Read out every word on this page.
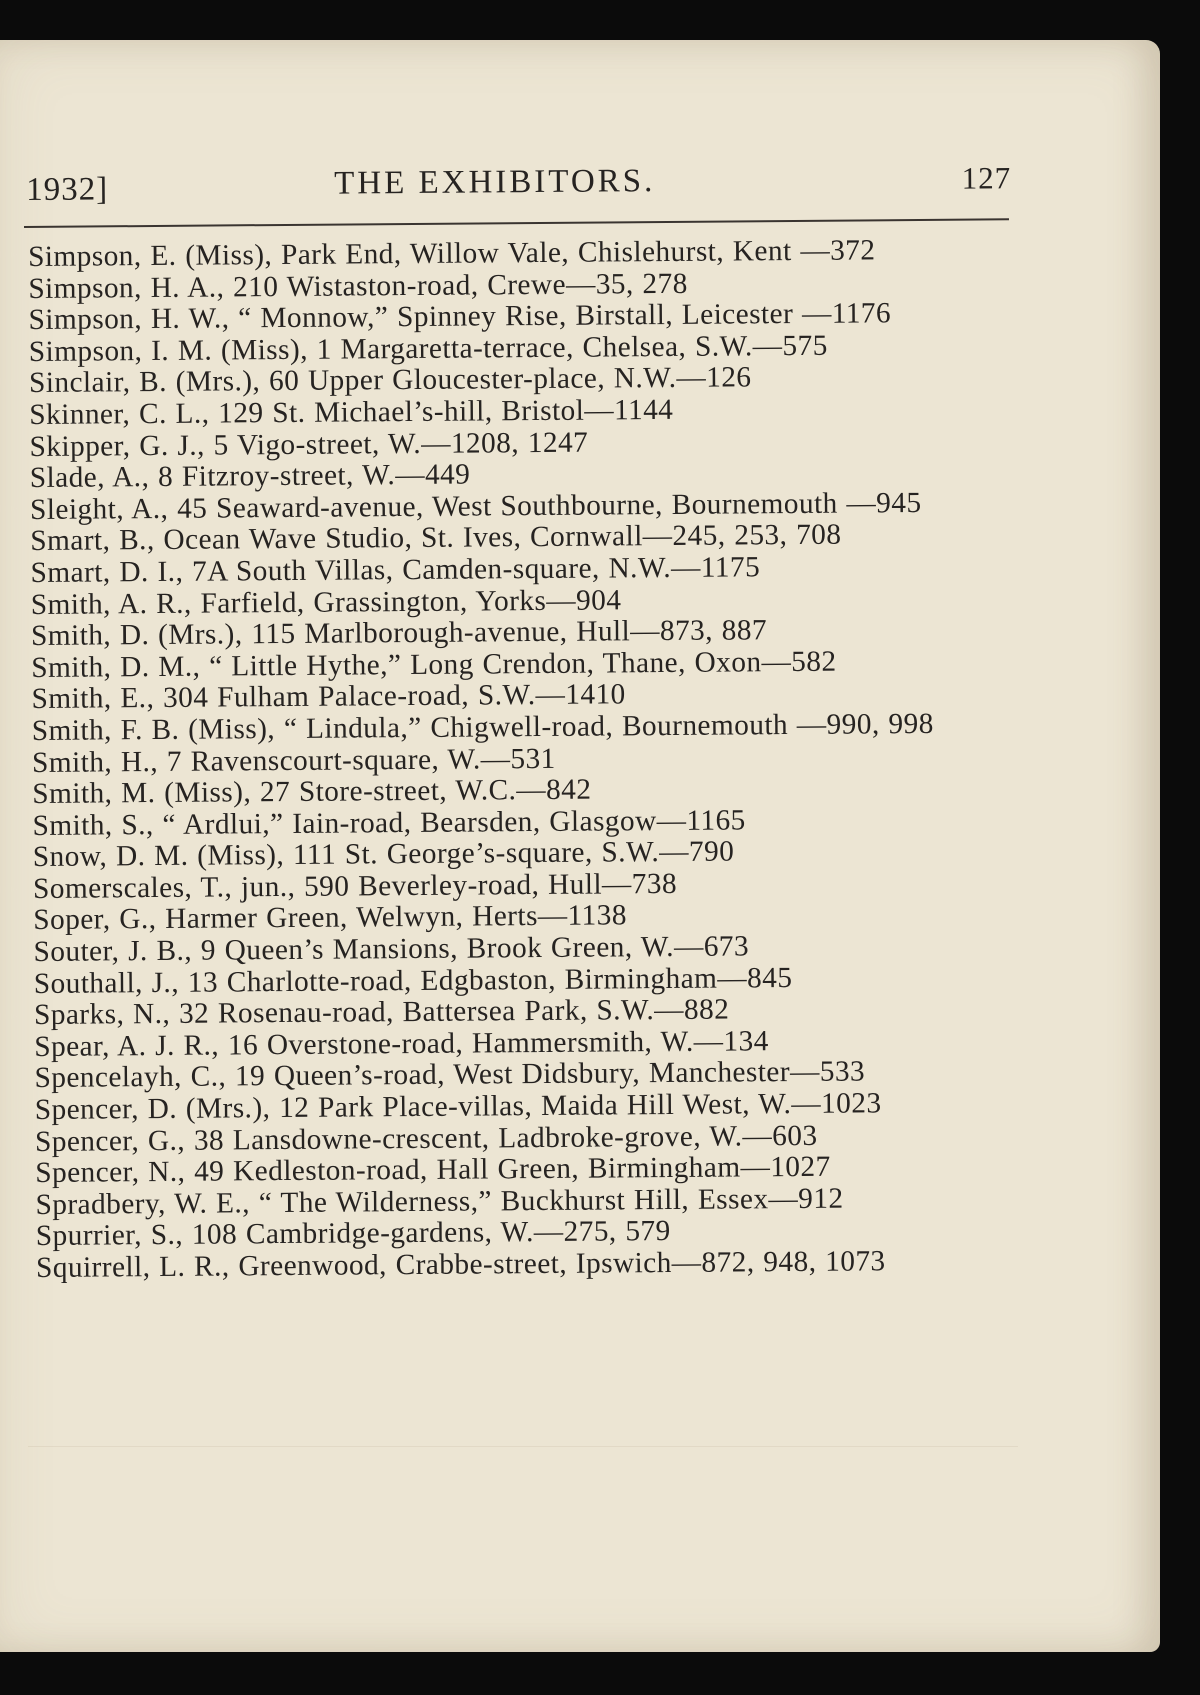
1932]	THE EXHIBITORS.	127
Simpson, E. (Miss), Park End, Willow Vale, Chislehurst, Kent —372
Simpson, H. A., 210 Wistaston-road, Crewe—35, 278
Simpson, H. W., “ Monnow,” Spinney Rise, Birstall, Leicester —1176
Simpson, I. M. (Miss), 1 Margaretta-terrace, Chelsea, S.W.—575
Sinclair, B. (Mrs.), 60 Upper Gloucester-place, N.W.—126
Skinner, C. L., 129 St. Michael’s-hill, Bristol—1144
Skipper, G. J., 5 Vigo-street, W.—1208, 1247
Slade, A., 8 Fitzroy-street, W.—449
Sleight, A., 45 Seaward-avenue, West Southbourne, Bournemouth —945
Smart, B., Ocean Wave Studio, St. Ives, Cornwall—245, 253, 708
Smart, D. I., 7A South Villas, Camden-square, N.W.—1175
Smith, A. R., Farfield, Grassington, Yorks—904
Smith, D. (Mrs.), 115 Marlborough-avenue, Hull—873, 887
Smith, D. M., “ Little Hythe,” Long Crendon, Thane, Oxon—582
Smith, E., 304 Fulham Palace-road, S.W.—1410
Smith, F. B. (Miss), “ Lindula,” Chigwell-road, Bournemouth —990, 998
Smith, H., 7 Ravenscourt-square, W.—531
Smith, M. (Miss), 27 Store-street, W.C.—842
Smith, S., “ Ardlui,” Iain-road, Bearsden, Glasgow—1165
Snow, D. M. (Miss), 111 St. George’s-square, S.W.—790
Somerscales, T., jun., 590 Beverley-road, Hull—738
Soper, G., Harmer Green, Welwyn, Herts—1138
Souter, J. B., 9 Queen’s Mansions, Brook Green, W.—673
Southall, J., 13 Charlotte-road, Edgbaston, Birmingham—845
Sparks, N., 32 Rosenau-road, Battersea Park, S.W.—882
Spear, A. J. R., 16 Overstone-road, Hammersmith, W.—134
Spencelayh, C., 19 Queen’s-road, West Didsbury, Manchester—533
Spencer, D. (Mrs.), 12 Park Place-villas, Maida Hill West, W.—1023
Spencer, G., 38 Lansdowne-crescent, Ladbroke-grove, W.—603
Spencer, N., 49 Kedleston-road, Hall Green, Birmingham—1027
Spradbery, W. E., “ The Wilderness,” Buckhurst Hill, Essex—912
Spurrier, S., 108 Cambridge-gardens, W.—275, 579
Squirrell, L. R., Greenwood, Crabbe-street, Ipswich—872, 948, 1073
